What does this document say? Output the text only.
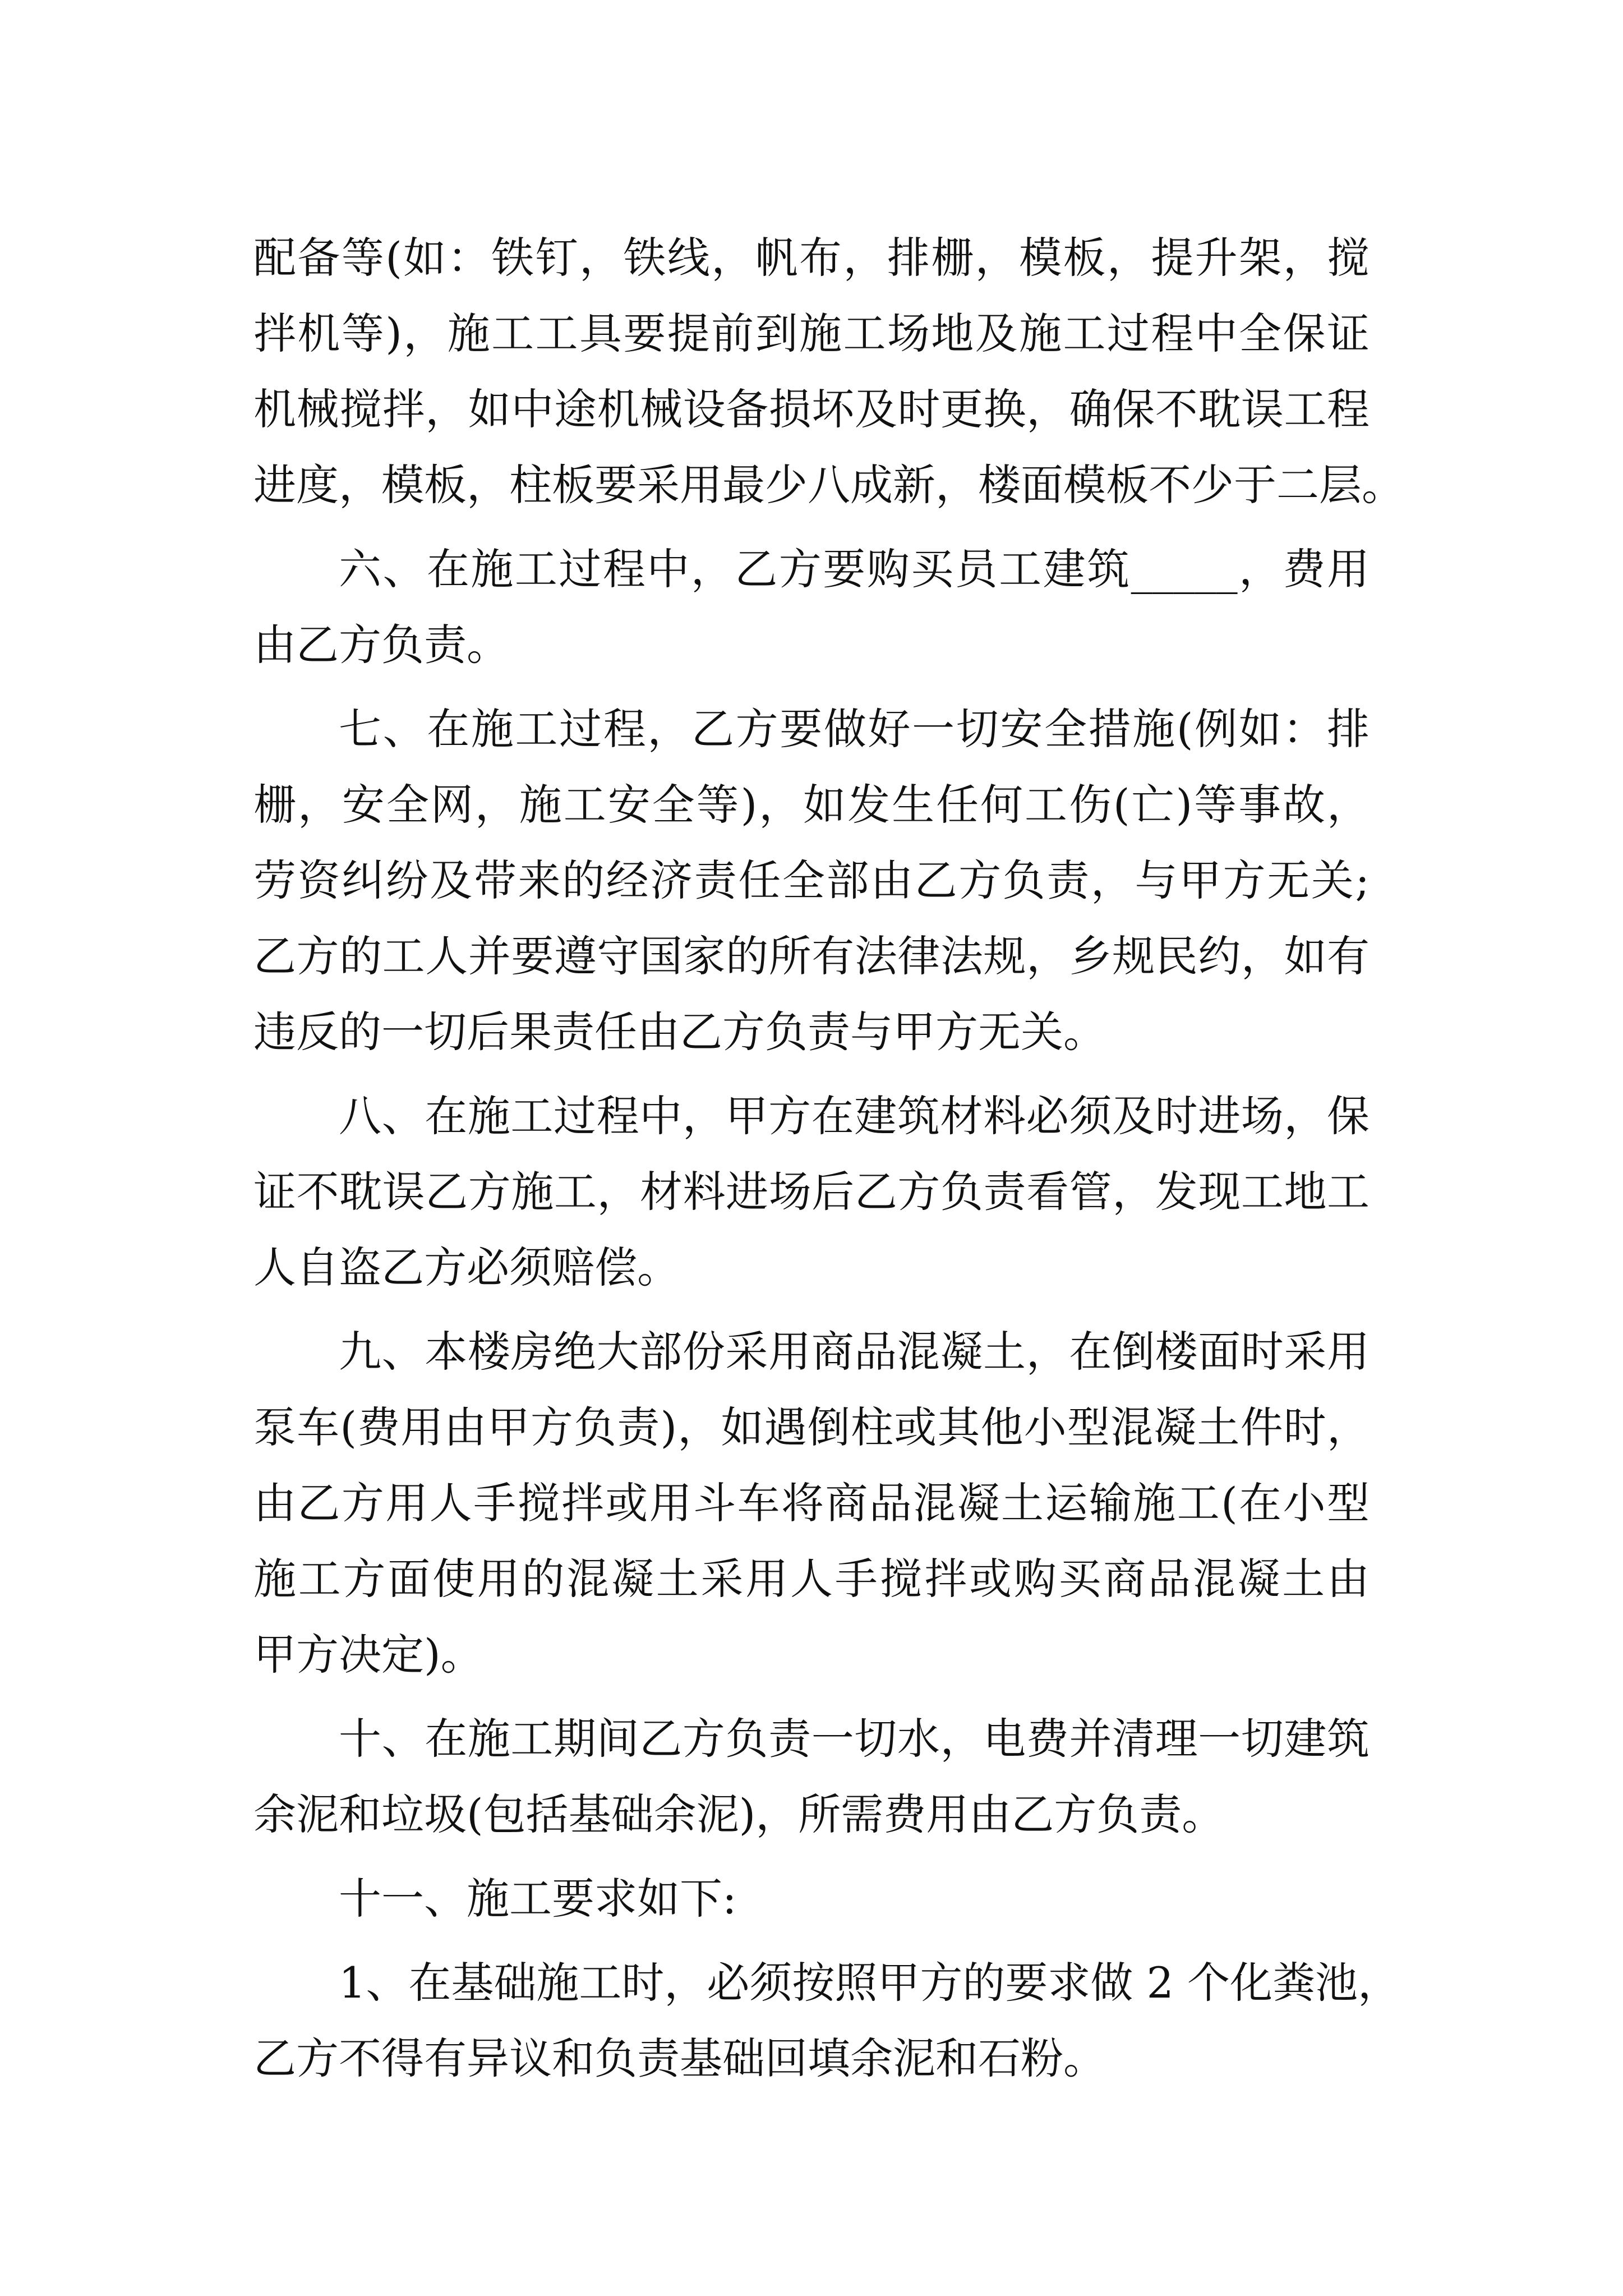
配备等(如：铁钉，铁线，帆布，排栅，模板，提升架，搅
拌机等)，施工工具要提前到施工场地及施工过程中全保证
机械搅拌，如中途机械设备损坏及时更换，确保不耽误工程
进度，模板，柱板要采用最少八成新，楼面模板不少于二层。

六、在施工过程中，乙方要购买员工建筑_____，费用
由乙方负责。

七、在施工过程，乙方要做好一切安全措施(例如：排
栅，安全网，施工安全等)，如发生任何工伤(亡)等事故，
劳资纠纷及带来的经济责任全部由乙方负责，与甲方无关;
乙方的工人并要遵守国家的所有法律法规，乡规民约，如有
违反的一切后果责任由乙方负责与甲方无关。

八、在施工过程中，甲方在建筑材料必须及时进场，保
证不耽误乙方施工，材料进场后乙方负责看管，发现工地工
人自盗乙方必须赔偿。

九、本楼房绝大部份采用商品混凝土，在倒楼面时采用
泵车(费用由甲方负责)，如遇倒柱或其他小型混凝土件时，
由乙方用人手搅拌或用斗车将商品混凝土运输施工(在小型
施工方面使用的混凝土采用人手搅拌或购买商品混凝土由
甲方决定)。

十、在施工期间乙方负责一切水，电费并清理一切建筑
余泥和垃圾(包括基础余泥)，所需费用由乙方负责。

十一、施工要求如下:

1、在基础施工时，必须按照甲方的要求做 2 个化粪池，
乙方不得有异议和负责基础回填余泥和石粉。
